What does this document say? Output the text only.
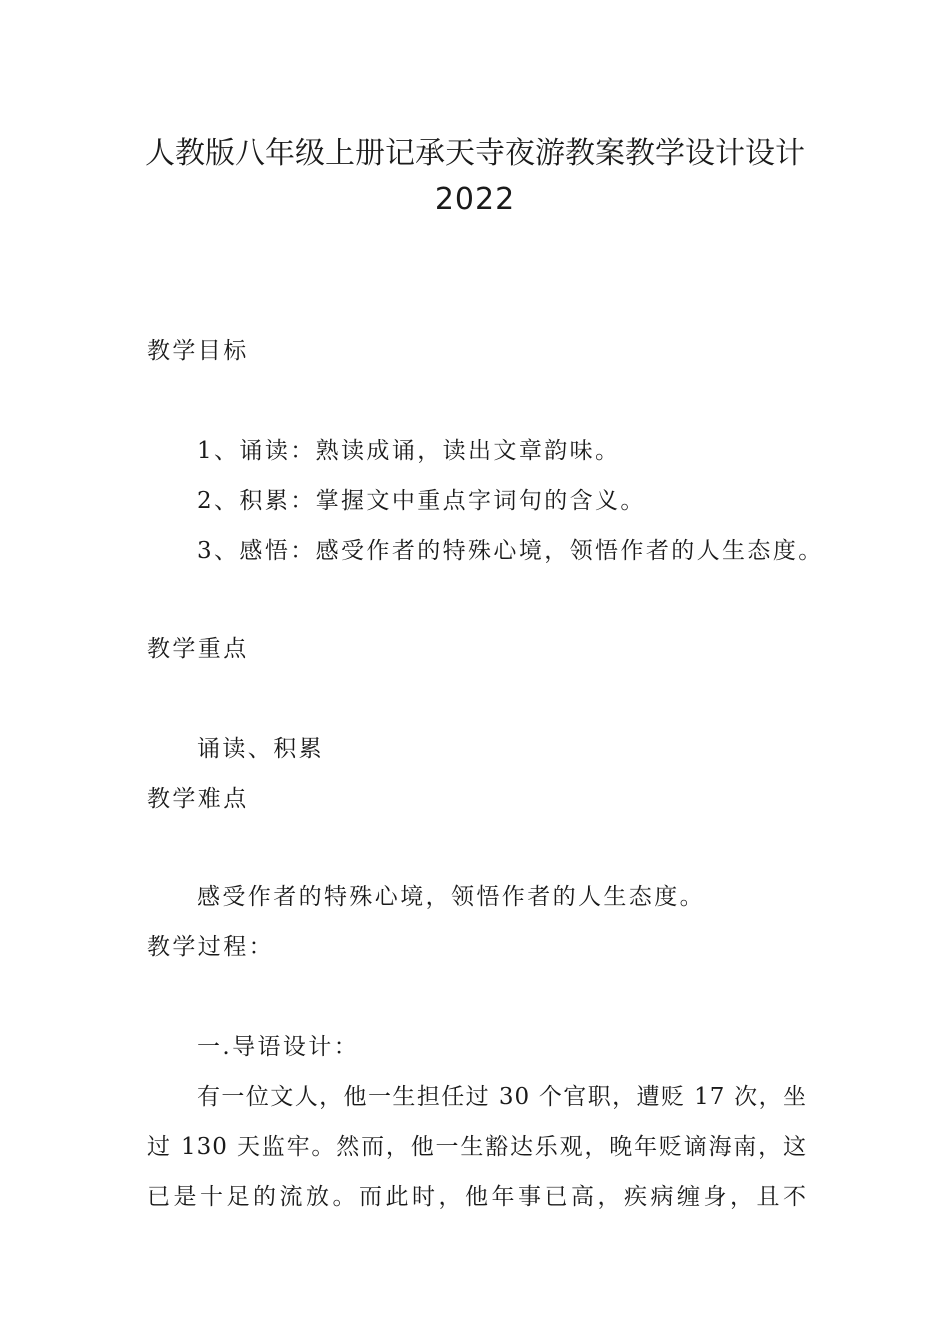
人教版八年级上册记承天寺夜游教案教学设计设计
2022
教学目标
1、诵读：熟读成诵，读出文章韵味。
2、积累：掌握文中重点字词句的含义。
3、感悟：感受作者的特殊心境，领悟作者的人生态度。
教学重点
诵读、积累
教学难点
感受作者的特殊心境，领悟作者的人生态度。
教学过程：
一.导语设计：
有一位文人，他一生担任过 30 个官职，遭贬 17 次，坐
过 130 天监牢。然而，他一生豁达乐观，晚年贬谪海南，这
已是十足的流放。而此时，他年事已高，疾病缠身，且不
